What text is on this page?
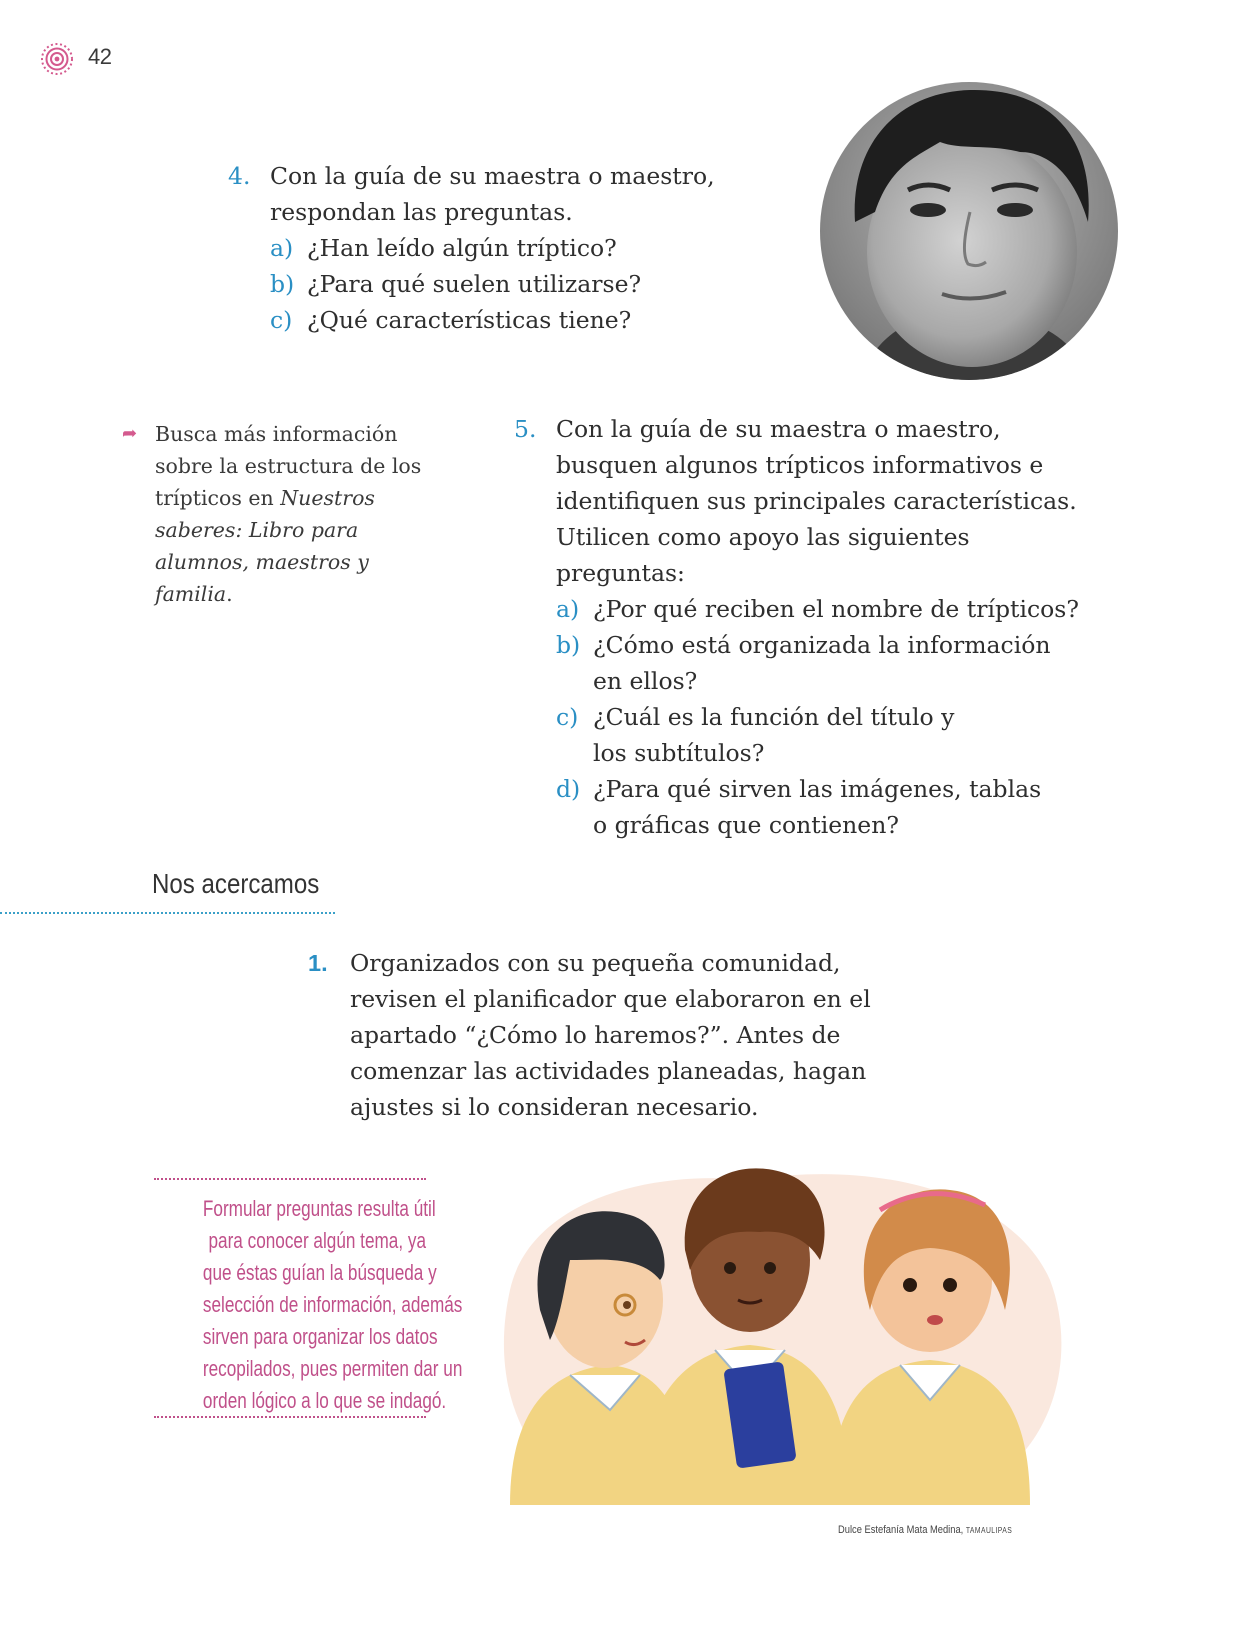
42
4. Con la guía de su maestra o maestro,
respondan las preguntas.
a) ¿Han leído algún tríptico?
b) ¿Para qué suelen utilizarse?
c) ¿Qué características tiene?
➦ Busca más información sobre la estructura de los trípticos en Nuestros saberes: Libro para alumnos, maestros y familia.
5. Con la guía de su maestra o maestro,
busquen algunos trípticos informativos e
identifiquen sus principales características.
Utilicen como apoyo las siguientes
preguntas:
a) ¿Por qué reciben el nombre de trípticos?
b) ¿Cómo está organizada la información
en ellos?
c) ¿Cuál es la función del título y
los subtítulos?
d) ¿Para qué sirven las imágenes, tablas
o gráficas que contienen?
Nos acercamos
1. Organizados con su pequeña comunidad,
revisen el planificador que elaboraron en el
apartado “¿Cómo lo haremos?”. Antes de
comenzar las actividades planeadas, hagan
ajustes si lo consideran necesario.
Formular preguntas resulta útil
para conocer algún tema, ya
que éstas guían la búsqueda y
selección de información, además
sirven para organizar los datos
recopilados, pues permiten dar un
orden lógico a lo que se indagó.
Dulce Estefanía Mata Medina, TAMAULIPAS
